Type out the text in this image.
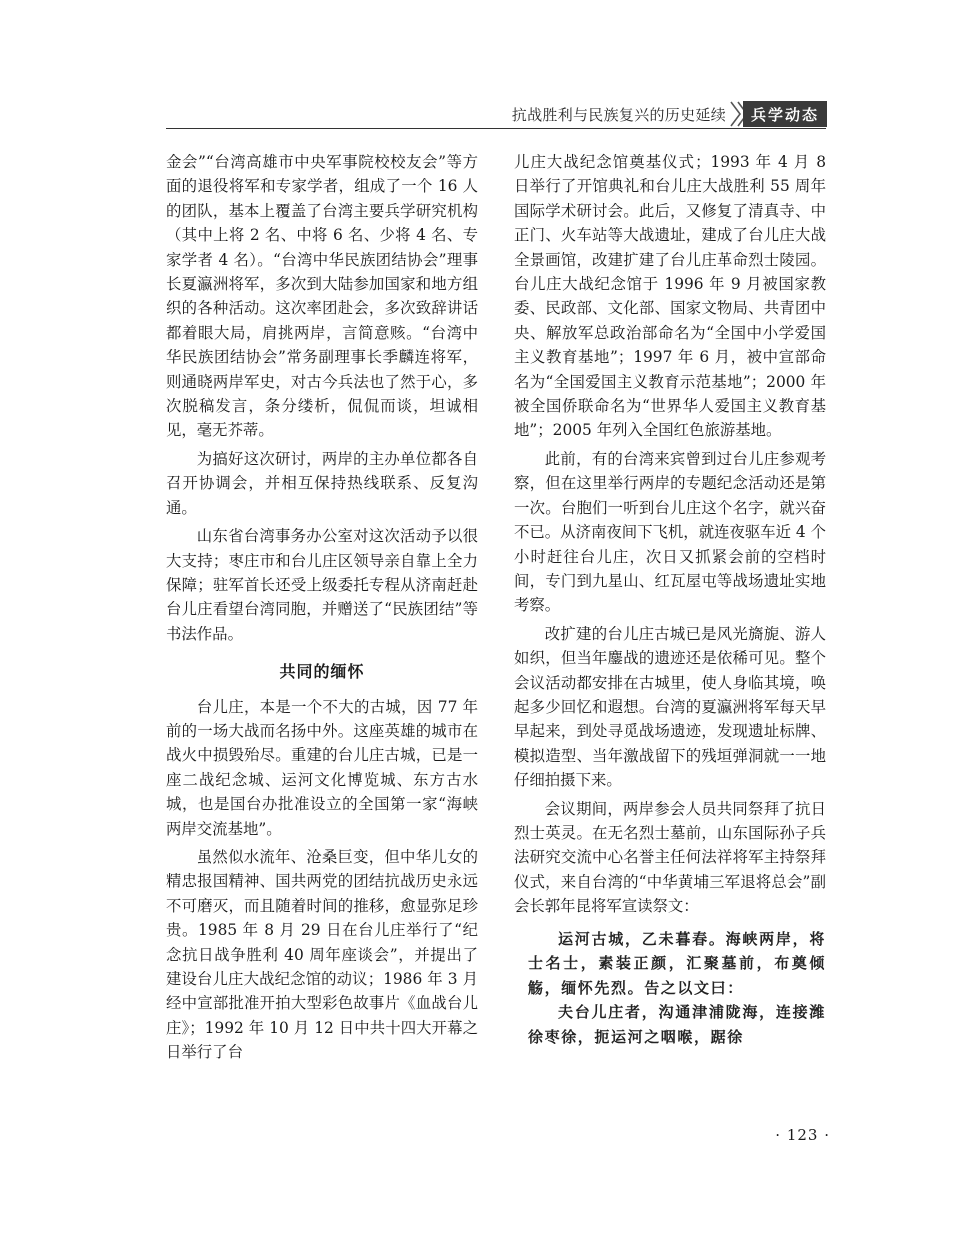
抗战胜利与民族复兴的历史延续	兵学动态

金会”“台湾高雄市中央军事院校校友会”等方面的退役将军和专家学者，组成了一个 16 人的团队，基本上覆盖了台湾主要兵学研究机构（其中上将 2 名、中将 6 名、少将 4 名、专家学者 4 名）。“台湾中华民族团结协会”理事长夏瀛洲将军，多次到大陆参加国家和地方组织的各种活动。这次率团赴会，多次致辞讲话都着眼大局，肩挑两岸，言简意赅。“台湾中华民族团结协会”常务副理事长季麟连将军，则通晓两岸军史，对古今兵法也了然于心，多次脱稿发言，条分缕析，侃侃而谈，坦诚相见，毫无芥蒂。

为搞好这次研讨，两岸的主办单位都各自召开协调会，并相互保持热线联系、反复沟通。

山东省台湾事务办公室对这次活动予以很大支持；枣庄市和台儿庄区领导亲自靠上全力保障；驻军首长还受上级委托专程从济南赶赴台儿庄看望台湾同胞，并赠送了“民族团结”等书法作品。

共同的缅怀

台儿庄，本是一个不大的古城，因 77 年前的一场大战而名扬中外。这座英雄的城市在战火中损毁殆尽。重建的台儿庄古城，已是一座二战纪念城、运河文化博览城、东方古水城，也是国台办批准设立的全国第一家“海峡两岸交流基地”。

虽然似水流年、沧桑巨变，但中华儿女的精忠报国精神、国共两党的团结抗战历史永远不可磨灭，而且随着时间的推移，愈显弥足珍贵。1985 年 8 月 29 日在台儿庄举行了“纪念抗日战争胜利 40 周年座谈会”，并提出了建设台儿庄大战纪念馆的动议；1986 年 3 月经中宣部批准开拍大型彩色故事片《血战台儿庄》；1992 年 10 月 12 日中共十四大开幕之日举行了台

儿庄大战纪念馆奠基仪式；1993 年 4 月 8 日举行了开馆典礼和台儿庄大战胜利 55 周年国际学术研讨会。此后，又修复了清真寺、中正门、火车站等大战遗址，建成了台儿庄大战全景画馆，改建扩建了台儿庄革命烈士陵园。台儿庄大战纪念馆于 1996 年 9 月被国家教委、民政部、文化部、国家文物局、共青团中央、解放军总政治部命名为“全国中小学爱国主义教育基地”；1997 年 6 月，被中宣部命名为“全国爱国主义教育示范基地”；2000 年被全国侨联命名为“世界华人爱国主义教育基地”；2005 年列入全国红色旅游基地。

此前，有的台湾来宾曾到过台儿庄参观考察，但在这里举行两岸的专题纪念活动还是第一次。台胞们一听到台儿庄这个名字，就兴奋不已。从济南夜间下飞机，就连夜驱车近 4 个小时赶往台儿庄，次日又抓紧会前的空档时间，专门到九星山、红瓦屋屯等战场遗址实地考察。

改扩建的台儿庄古城已是风光旖旎、游人如织，但当年鏖战的遗迹还是依稀可见。整个会议活动都安排在古城里，使人身临其境，唤起多少回忆和遐想。台湾的夏瀛洲将军每天早早起来，到处寻觅战场遗迹，发现遗址标牌、模拟造型、当年激战留下的残垣弹洞就一一地仔细拍摄下来。

会议期间，两岸参会人员共同祭拜了抗日烈士英灵。在无名烈士墓前，山东国际孙子兵法研究交流中心名誉主任何法祥将军主持祭拜仪式，来自台湾的“中华黄埔三军退将总会”副会长郭年昆将军宣读祭文：

运河古城，乙未暮春。海峡两岸，将士名士，素装正颜，汇聚墓前，布奠倾觞，缅怀先烈。告之以文曰：

夫台儿庄者，沟通津浦陇海，连接潍徐枣徐，扼运河之咽喉，踞徐

· 123 ·
